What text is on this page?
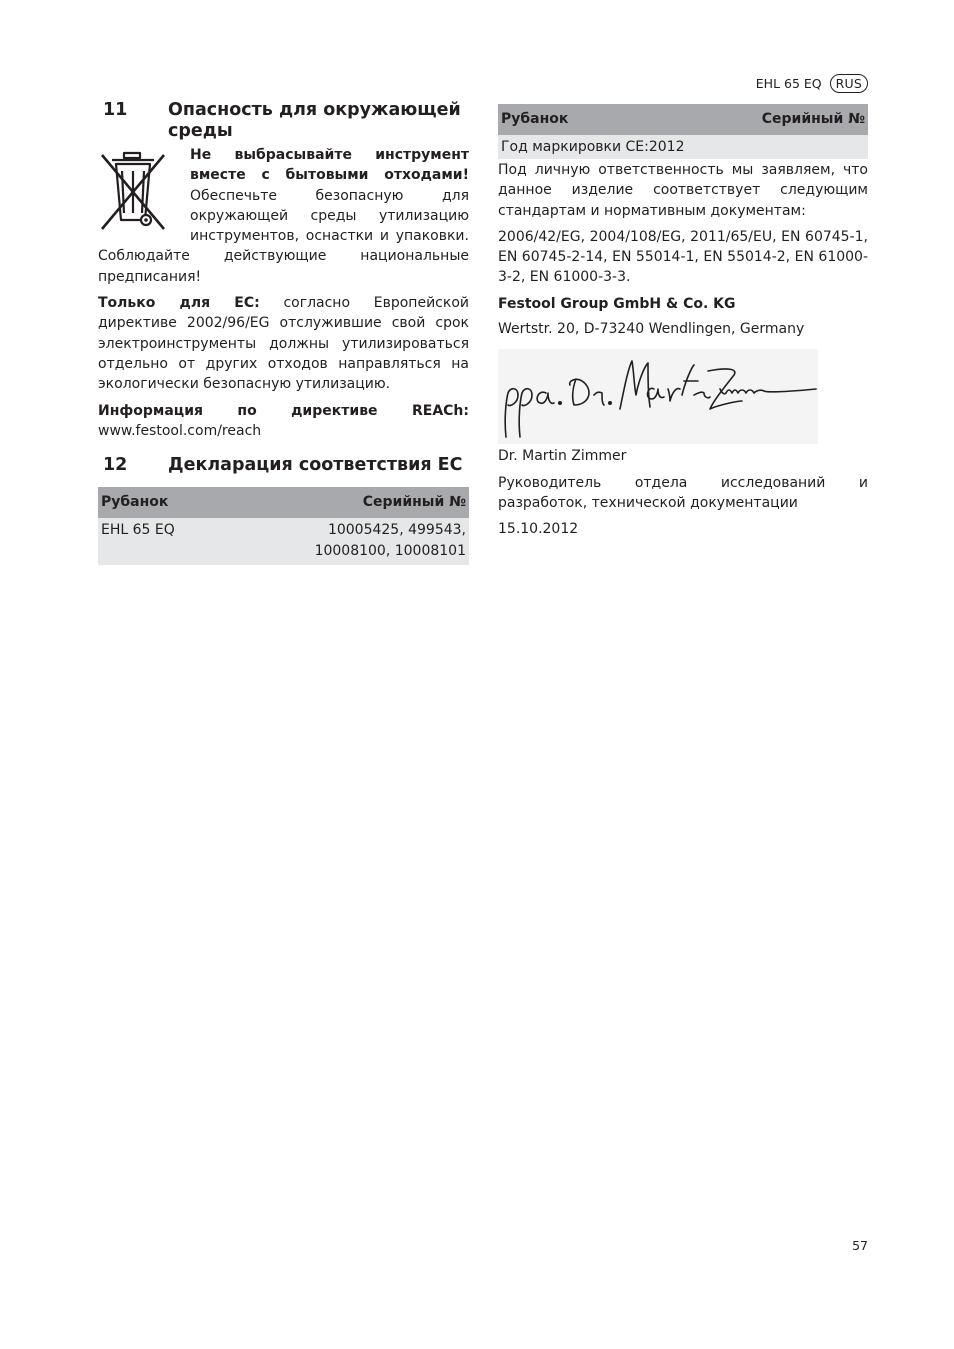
EHL 65 EQ	RUS
11	Опасность для окружающей
среды

Не выбрасывайте инструмент вместе с бытовыми отходами! Обеспечьте безопасную для окружающей среды утилизацию инструментов, оснастки и упаковки. Соблюдайте действующие национальные предписания!

Только для ЕС: согласно Европейской директиве 2002/96/EG отслужившие свой срок электроинструменты должны утилизироваться отдельно от других отходов направляться на экологически безопасную утилизацию.

Информация по директиве REACh:

www.festool.com/reach

12	Декларация соответствия ЕС
Рубанок	Серийный №
EHL 65 EQ	10005425, 499543,
10008100, 10008101
Рубанок	Серийный №
Год маркировки CE:2012

Под личную ответственность мы заявляем, что данное изделие соответствует следующим стандартам и нормативным документам:

2006/42/EG, 2004/108/EG, 2011/65/EU, EN 60745-1, EN 60745-2-14, EN 55014-1, EN 55014-2, EN 61000-3-2, EN 61000-3-3.

Festool Group GmbH & Co. KG

Wertstr. 20, D-73240 Wendlingen, Germany

Dr. Martin Zimmer

Руководитель отдела исследований и разработок, технической документации

15.10.2012

57
